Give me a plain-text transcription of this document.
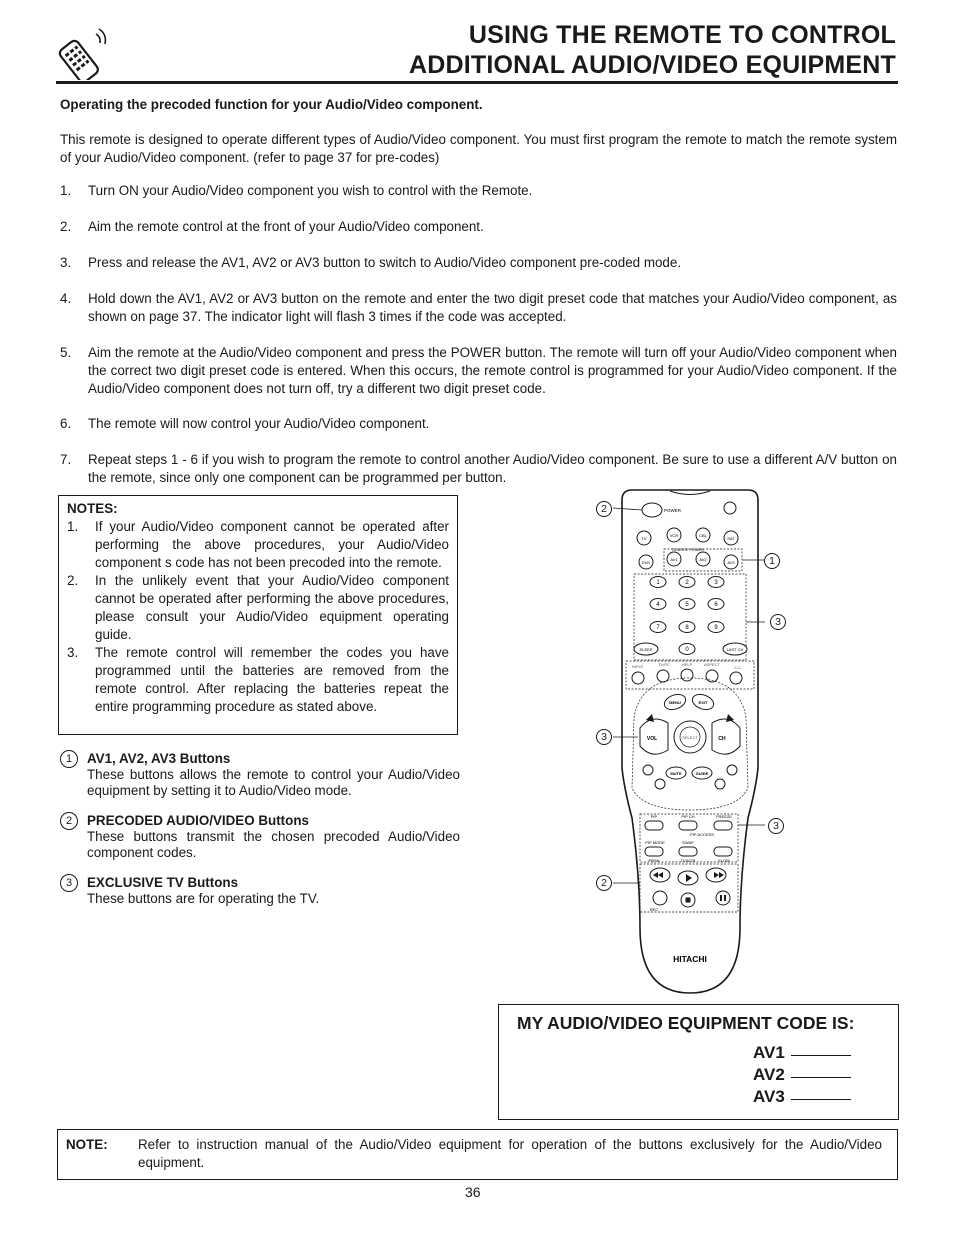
USING THE REMOTE TO CONTROL
ADDITIONAL AUDIO/VIDEO EQUIPMENT
Operating the precoded function for your Audio/Video component.
This remote is designed to operate different types of Audio/Video component. You must first program the remote to match the remote system of your Audio/Video component. (refer to page 37 for pre-codes)
1. Turn ON your Audio/Video component you wish to control with the Remote.
2. Aim the remote control at the front of your Audio/Video component.
3. Press and release the AV1, AV2 or AV3 button to switch to Audio/Video component pre-coded mode.
4. Hold down the AV1, AV2 or AV3 button on the remote and enter the two digit preset code that matches your Audio/Video component, as shown on page 37. The indicator light will flash 3 times if the code was accepted.
5. Aim the remote at the Audio/Video component and press the POWER button. The remote will turn off your Audio/Video component when the correct two digit preset code is entered. When this occurs, the remote control is programmed for your Audio/Video component. If the Audio/Video component does not turn off, try a different two digit preset code.
6. The remote will now control your Audio/Video component.
7. Repeat steps 1 - 6 if you wish to program the remote to control another Audio/Video component. Be sure to use a different A/V button on the remote, since only one component can be programmed per button.
NOTES:
1. If your Audio/Video component cannot be operated after performing the above procedures, your Audio/Video component s code has not been precoded into the remote.
2. In the unlikely event that your Audio/Video component cannot be operated after performing the above procedures, please consult your Audio/Video equipment operating guide.
3. The remote control will remember the codes you have programmed until the batteries are removed from the remote control. After replacing the batteries repeat the entire programming procedure as stated above.
1	AV1, AV2, AV3 Buttons
These buttons allows the remote to control your Audio/Video equipment by setting it to Audio/Video mode.
2	PRECODED AUDIO/VIDEO Buttons
These buttons transmit the chosen precoded Audio/Video component codes.
3	EXCLUSIVE TV Buttons
These buttons are for operating the TV.
POWER
TV
VCR	CBL
SAT
SOURCE POWER
DVD
AV1	AV2
AV3
1	2	3
4	5	6
7	8	9
0
SLEEP	LAST CH
INPUT	TV/PC	HELP	ASPECT
C.C.
MENU	EXIT
VOL	CH
SELECT
MUTE	GUIDE
PIP	PIP CH	FREEZE
PIP ACCESS
PIP MODE	SWAP
PRSN	TV/VCR	SLOW
REC
HITACHI
2
1
3
3
3
2
MY AUDIO/VIDEO EQUIPMENT CODE IS:
AV1
AV2
AV3
NOTE: Refer to instruction manual of the Audio/Video equipment for operation of the buttons exclusively for the Audio/Video equipment.
36
